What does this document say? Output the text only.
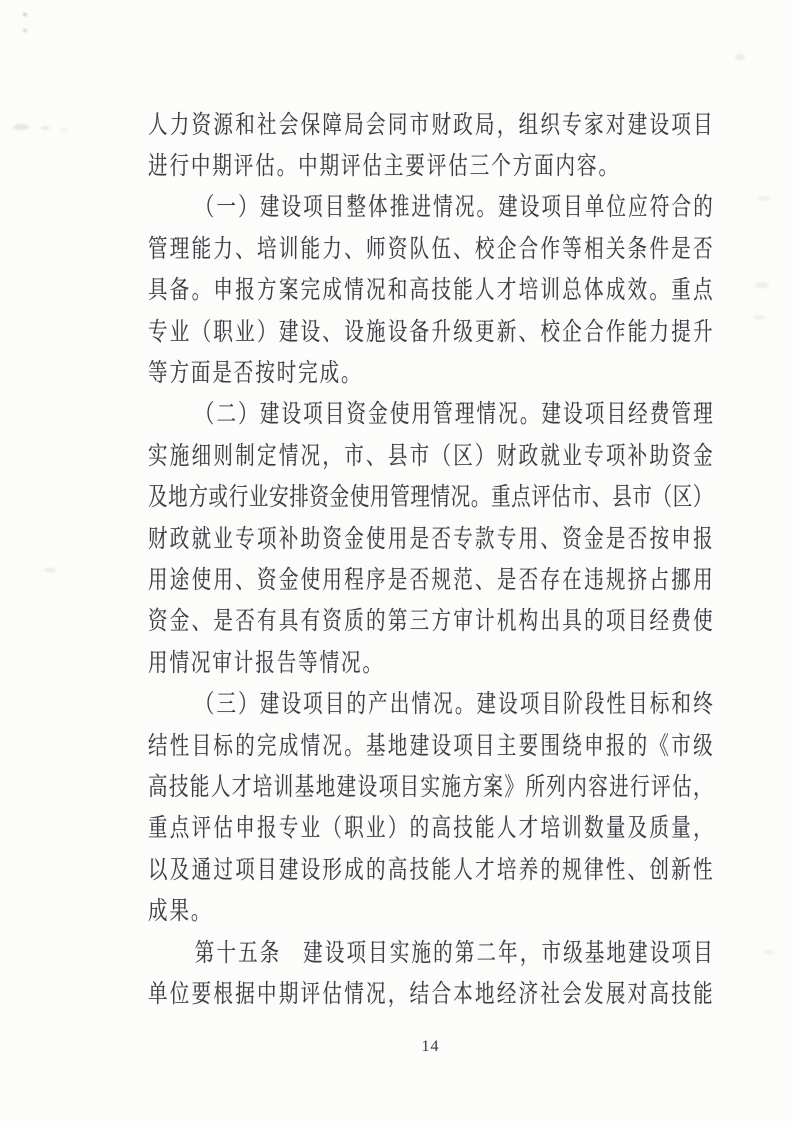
人 力 资 源 和 社 会 保 障 局 会 同 市 财 政 局 ， 组 织 专 家 对 建 设 项 目
进行中期评估。中期评估主要评估三个方面内容。
（ 一 ） 建 设 项 目 整 体 推 进 情 况 。 建 设 项 目 单 位 应 符 合 的
管 理 能 力 、 培 训 能 力 、 师 资 队 伍 、 校 企 合 作 等 相 关 条 件 是 否
具 备 。 申 报 方 案 完 成 情 况 和 高 技 能 人 才 培 训 总 体 成 效 。 重 点
专 业 （ 职 业 ） 建 设 、 设 施 设 备 升 级 更 新 、 校 企 合 作 能 力 提 升
等方面是否按时完成。
（ 二 ） 建 设 项 目 资 金 使 用 管 理 情 况 。 建 设 项 目 经 费 管 理
实 施 细 则 制 定 情 况 ， 市 、 县 市 （ 区 ） 财 政 就 业 专 项 补 助 资 金
及 地 方 或 行 业 安 排 资 金 使 用 管 理 情 况 。 重 点 评 估 市 、 县 市 （ 区 ）
财 政 就 业 专 项 补 助 资 金 使 用 是 否 专 款 专 用 、 资 金 是 否 按 申 报
用 途 使 用 、 资 金 使 用 程 序 是 否 规 范 、 是 否 存 在 违 规 挤 占 挪 用
资 金 、 是 否 有 具 有 资 质 的 第 三 方 审 计 机 构 出 具 的 项 目 经 费 使
用情况审计报告等情况。
（ 三 ） 建 设 项 目 的 产 出 情 况 。 建 设 项 目 阶 段 性 目 标 和 终
结 性 目 标 的 完 成 情 况 。 基 地 建 设 项 目 主 要 围 绕 申 报 的 《 市 级
高 技 能 人 才 培 训 基 地 建 设 项 目 实 施 方 案 》 所 列 内 容 进 行 评 估 ，
重 点 评 估 申 报 专 业 （ 职 业 ） 的 高 技 能 人 才 培 训 数 量 及 质 量 ，
以 及 通 过 项 目 建 设 形 成 的 高 技 能 人 才 培 养 的 规 律 性 、 创 新 性
成果。
第 十 五 条
　 建 设 项 目 实 施 的 第 二 年 ， 市 级 基 地 建 设 项 目
单 位 要 根 据 中 期 评 估 情 况 ， 结 合 本 地 经 济 社 会 发 展 对 高 技 能
14
